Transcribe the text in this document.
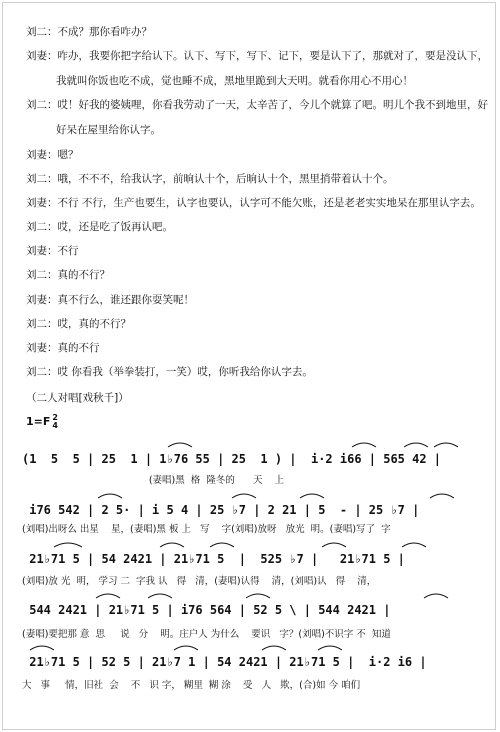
刘二：不成？那你看咋办？
刘妻：咋办，我要你把字给认下。认下、写下，写下、记下，要是认下了，那就对了，要是没认下，
我就叫你饭也吃不成，觉也睡不成，黑地里跪到大天明。就看你用心不用心！
刘二：哎！好我的婆姨哩，你看我劳动了一天，太辛苦了，今儿个就算了吧。明儿个我不到地里，好
好呆在屋里给你认字。
刘妻：嗯？
刘二：哦，不不不，给我认字，前晌认十个，后晌认十个，黑里捎带着认十个。
刘妻：不行 不行，生产也要生，认字也要认，认字可不能欠账，还是老老实实地呆在那里认字去。
刘二：哎，还是吃了饭再认吧。
刘妻：不行
刘二：真的不行？
刘妻：真不行么，谁还跟你耍笑呢！
刘二：哎，真的不行？
刘妻：真的不行
刘二：哎 你看我（举拳装打，一笑）哎，你听我给你认字去。
（二人对唱[戏秋千]）
1=F 2
4
(1  5  5 | 25  1 | 1♭76 55 | 25  1 ) |  i·2 i66 | 565 42 |
(妻唱)黑  格  隆冬的      天    上
i76 542 | 2 5· | i 5 4 | 25 ♭7 | 2 21 | 5  - | 25 ♭7 |
(刘唱)出呀么 出星    星，(妻唱)黑 板 上   写    字(刘唱)放呀   放光  明。(妻唱)写了  字
21♭71 5 | 54 2421 | 21♭71 5  |  525 ♭7 |   21♭71 5 |
(刘唱)放 光  明， 学习 二  字我 认   得   清，(妻唱)认得    清，(刘唱)认   得    清，
544 2421 | 21♭71 5 | i76 564 | 52 5 \ | 544 2421 |
(妻唱)要把那 意  思     说   分    明。庄户人 为什么    要识   字？(刘唱)不识字 不  知道
21♭71 5 | 52 5 | 21♭7 1 | 54 2421 | 21♭71 5 |  i·2 i6 |
大   事     情，旧社  会    不   识 字， 糊里  糊 涂    受   人   欺，(合)如 今 咱们
